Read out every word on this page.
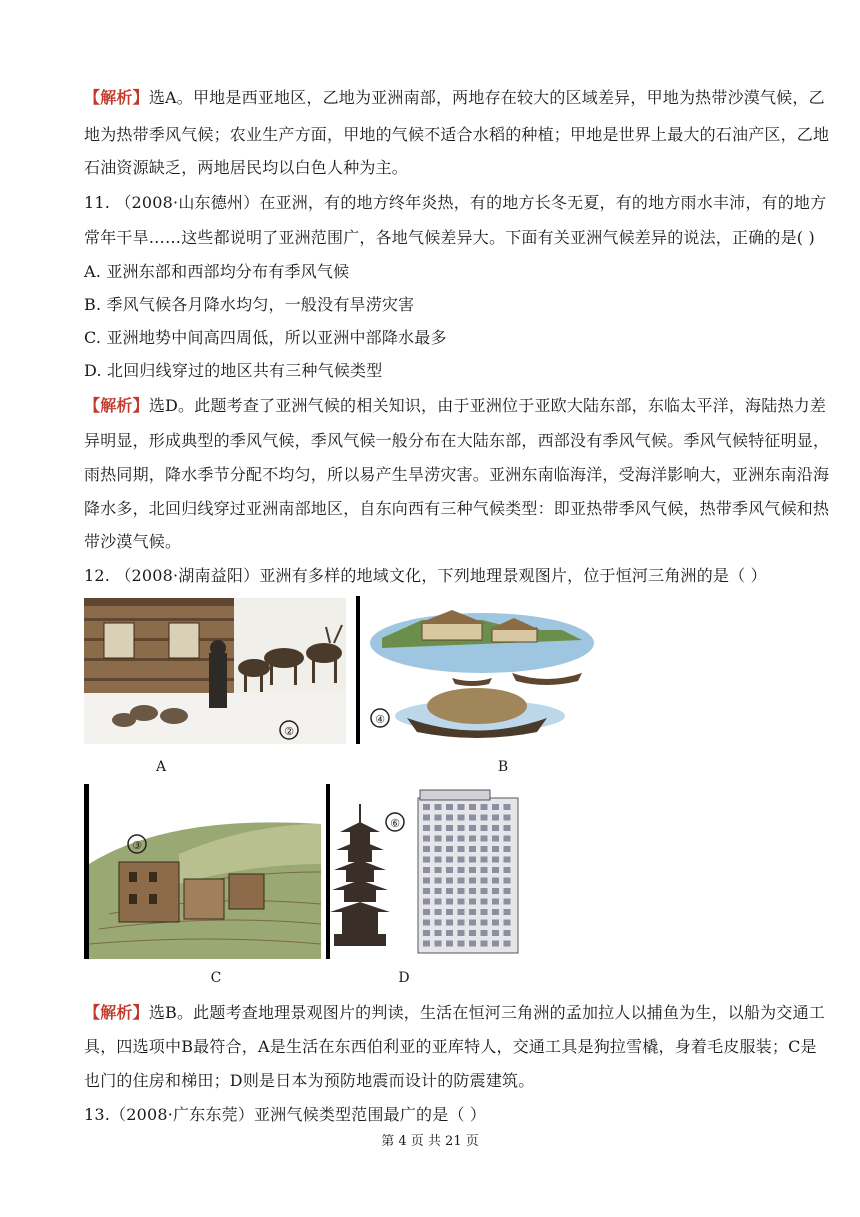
【解析】选A。甲地是西亚地区，乙地为亚洲南部，两地存在较大的区域差异，甲地为热带沙漠气候，乙
地为热带季风气候；农业生产方面，甲地的气候不适合水稻的种植；甲地是世界上最大的石油产区，乙地
石油资源缺乏，两地居民均以白色人种为主。
11. （2008·山东德州）在亚洲，有的地方终年炎热，有的地方长冬无夏，有的地方雨水丰沛，有的地方
常年干旱……这些都说明了亚洲范围广，各地气候差异大。下面有关亚洲气候差异的说法，正确的是( )
A. 亚洲东部和西部均分布有季风气候
B. 季风气候各月降水均匀，一般没有旱涝灾害
C. 亚洲地势中间高四周低，所以亚洲中部降水最多
D. 北回归线穿过的地区共有三种气候类型
【解析】选D。此题考查了亚洲气候的相关知识，由于亚洲位于亚欧大陆东部，东临太平洋，海陆热力差
异明显，形成典型的季风气候，季风气候一般分布在大陆东部，西部没有季风气候。季风气候特征明显，
雨热同期，降水季节分配不均匀，所以易产生旱涝灾害。亚洲东南临海洋，受海洋影响大，亚洲东南沿海
降水多，北回归线穿过亚洲南部地区，自东向西有三种气候类型：即亚热带季风气候，热带季风气候和热
带沙漠气候。
12. （2008·湖南益阳）亚洲有多样的地域文化，下列地理景观图片，位于恒河三角洲的是（ ）
②
④
A	B
③
⑥
C	D
【解析】选B。此题考查地理景观图片的判读，生活在恒河三角洲的孟加拉人以捕鱼为生，以船为交通工
具，四选项中B最符合，A是生活在东西伯利亚的亚库特人，交通工具是狗拉雪橇，身着毛皮服装；C是
也门的住房和梯田；D则是日本为预防地震而设计的防震建筑。
13.（2008·广东东莞）亚洲气候类型范围最广的是（ ）
第 4 页 共 21 页
